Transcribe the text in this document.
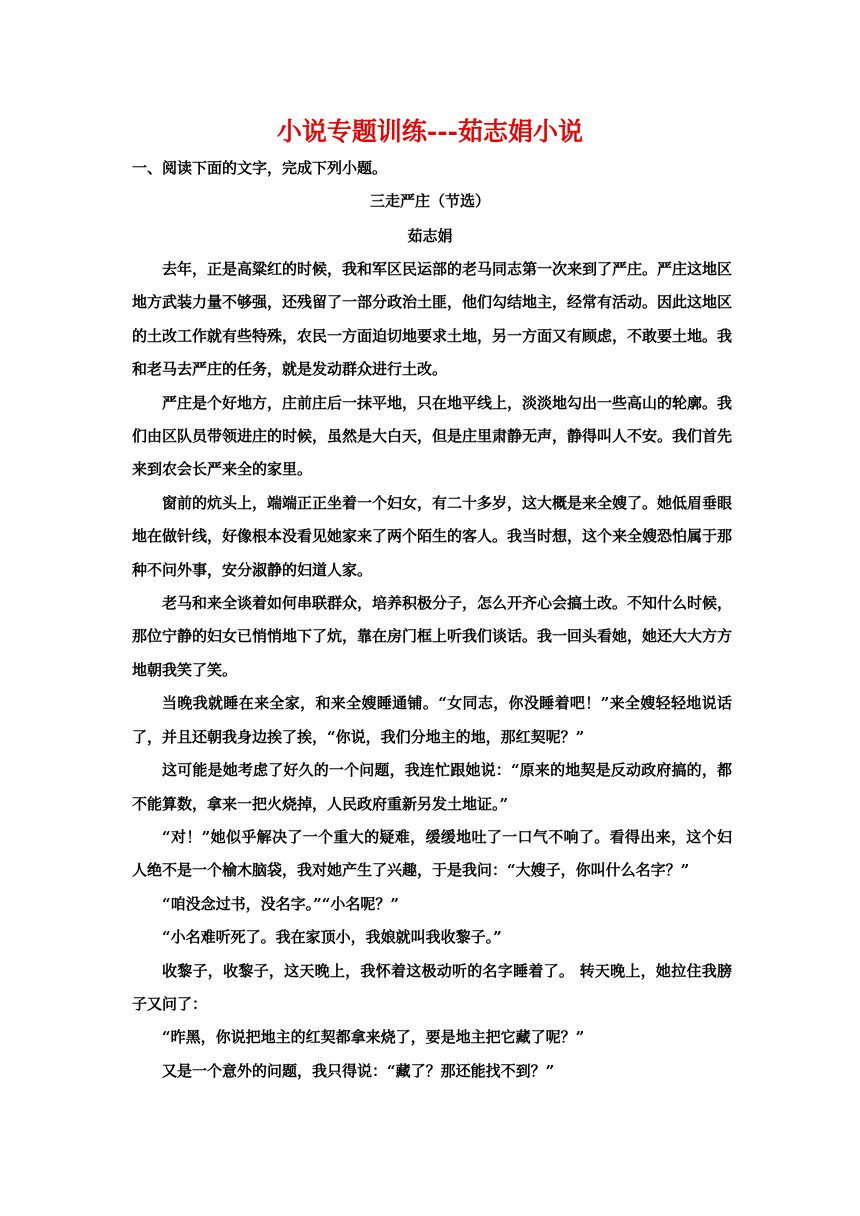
小说专题训练---茹志娟小说
一、阅读下面的文字，完成下列小题。
三走严庄（节选）
茹志娟

去年，正是高粱红的时候，我和军区民运部的老马同志第一次来到了严庄。严庄这地区地方武装力量不够强，还残留了一部分政治土匪，他们勾结地主，经常有活动。因此这地区的土改工作就有些特殊，农民一方面迫切地要求土地，另一方面又有顾虑，不敢要土地。我和老马去严庄的任务，就是发动群众进行土改。

严庄是个好地方，庄前庄后一抹平地，只在地平线上，淡淡地勾出一些高山的轮廓。我们由区队员带领进庄的时候，虽然是大白天，但是庄里肃静无声，静得叫人不安。我们首先来到农会长严来全的家里。

窗前的炕头上，端端正正坐着一个妇女，有二十多岁，这大概是来全嫂了。她低眉垂眼地在做针线，好像根本没看见她家来了两个陌生的客人。我当时想，这个来全嫂恐怕属于那种不问外事，安分淑静的妇道人家。

老马和来全谈着如何串联群众，培养积极分子，怎么开齐心会搞土改。不知什么时候，那位宁静的妇女已悄悄地下了炕，靠在房门框上听我们谈话。我一回头看她，她还大大方方地朝我笑了笑。

当晚我就睡在来全家，和来全嫂睡通铺。“女同志，你没睡着吧！”来全嫂轻轻地说话了，并且还朝我身边挨了挨，“你说，我们分地主的地，那红契呢？”

这可能是她考虑了好久的一个问题，我连忙跟她说：“原来的地契是反动政府搞的，都不能算数，拿来一把火烧掉，人民政府重新另发土地证。”

“对！”她似乎解决了一个重大的疑难，缓缓地吐了一口气不响了。看得出来，这个妇人绝不是一个榆木脑袋，我对她产生了兴趣，于是我问：“大嫂子，你叫什么名字？”

“咱没念过书，没名字。”“小名呢？”

“小名难听死了。我在家顶小，我娘就叫我收黎子。”

收黎子，收黎子，这天晚上，我怀着这极动听的名字睡着了。 转天晚上，她拉住我膀子又问了：

“昨黑，你说把地主的红契都拿来烧了，要是地主把它藏了呢？”

又是一个意外的问题，我只得说：“藏了？那还能找不到？”
